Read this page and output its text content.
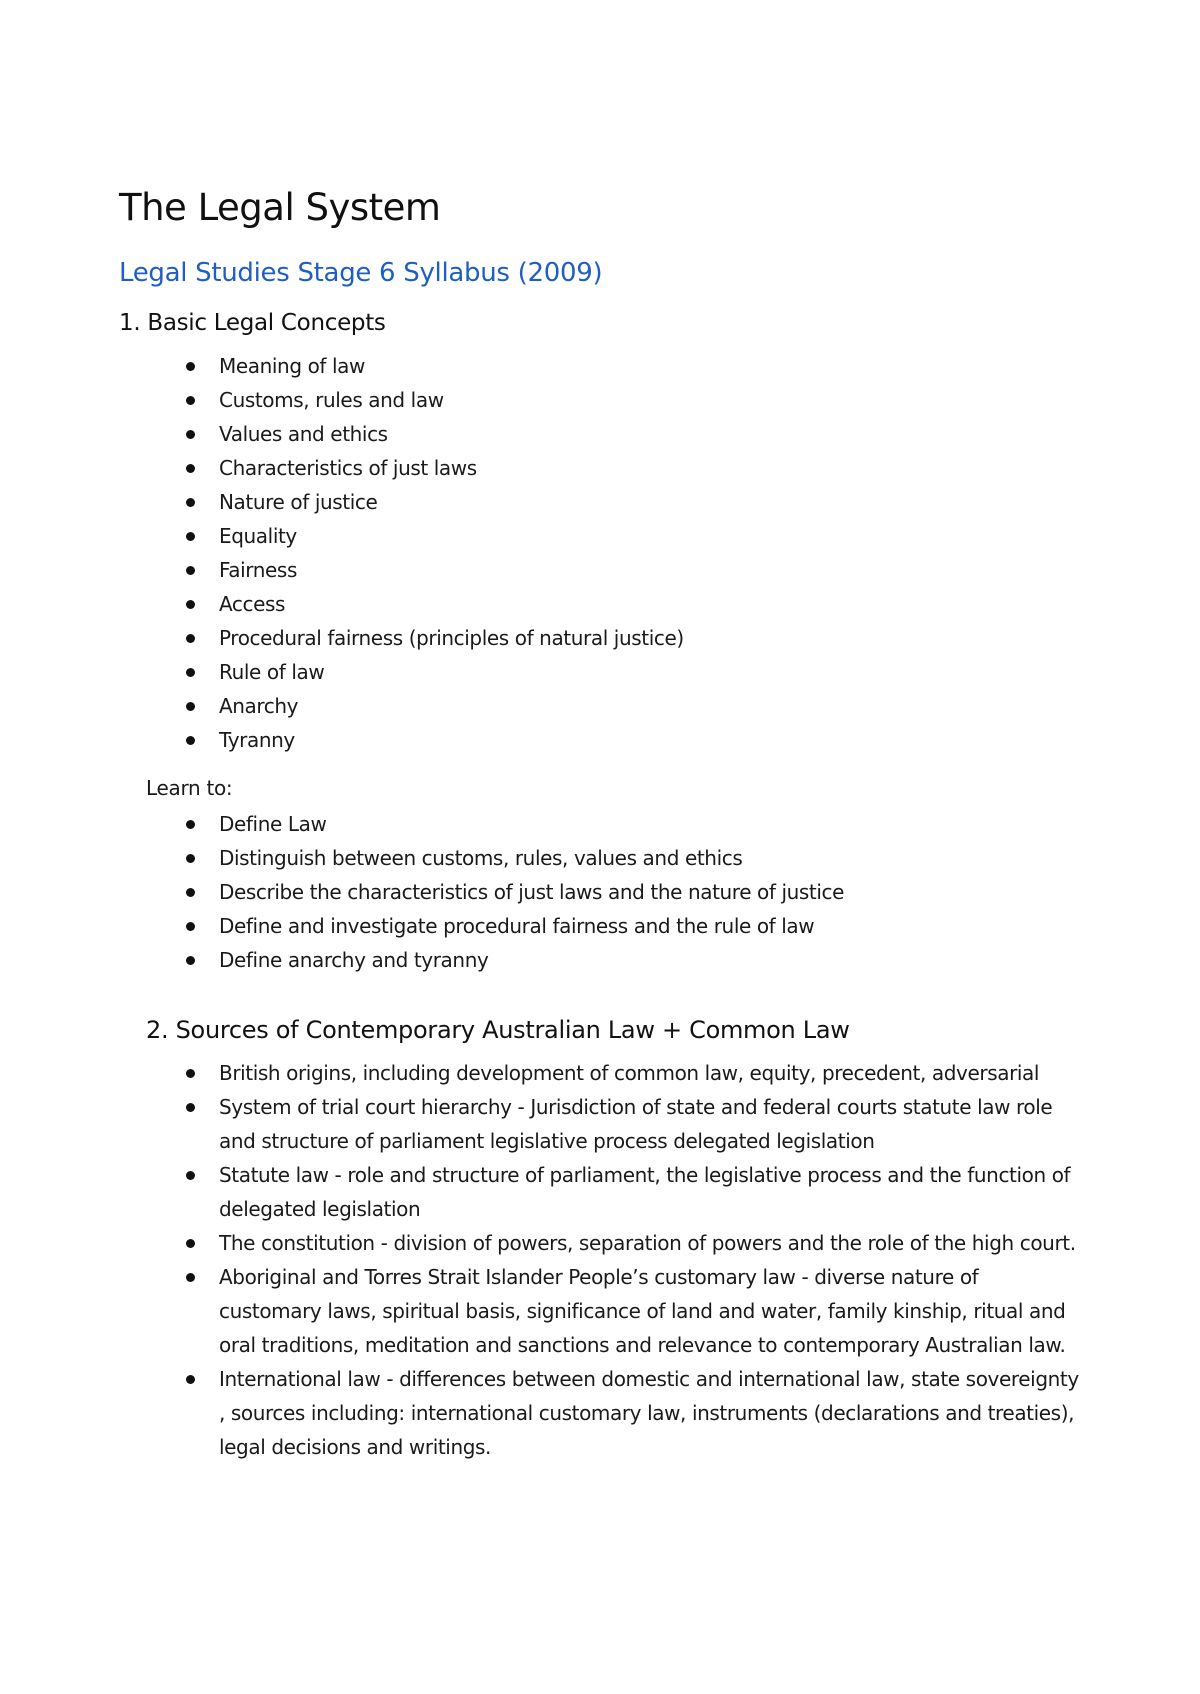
The Legal System
Legal Studies Stage 6 Syllabus (2009)
1. Basic Legal Concepts
Meaning of law
Customs, rules and law
Values and ethics
Characteristics of just laws
Nature of justice
Equality
Fairness
Access
Procedural fairness (principles of natural justice)
Rule of law
Anarchy
Tyranny

Learn to:

Define Law
Distinguish between customs, rules, values and ethics
Describe the characteristics of just laws and the nature of justice
Define and investigate procedural fairness and the rule of law
Define anarchy and tyranny
2. Sources of Contemporary Australian Law + Common Law
British origins, including development of common law, equity, precedent, adversarial
System of trial court hierarchy - Jurisdiction of state and federal courts statute law role and structure of parliament legislative process delegated legislation
Statute law - role and structure of parliament, the legislative process and the function of delegated legislation
The constitution - division of powers, separation of powers and the role of the high court.
Aboriginal and Torres Strait Islander People’s customary law - diverse nature of customary laws, spiritual basis, significance of land and water, family kinship, ritual and oral traditions, meditation and sanctions and relevance to contemporary Australian law.
International law - differences between domestic and international law, state sovereignty , sources including: international customary law, instruments (declarations and treaties), legal decisions and writings.
